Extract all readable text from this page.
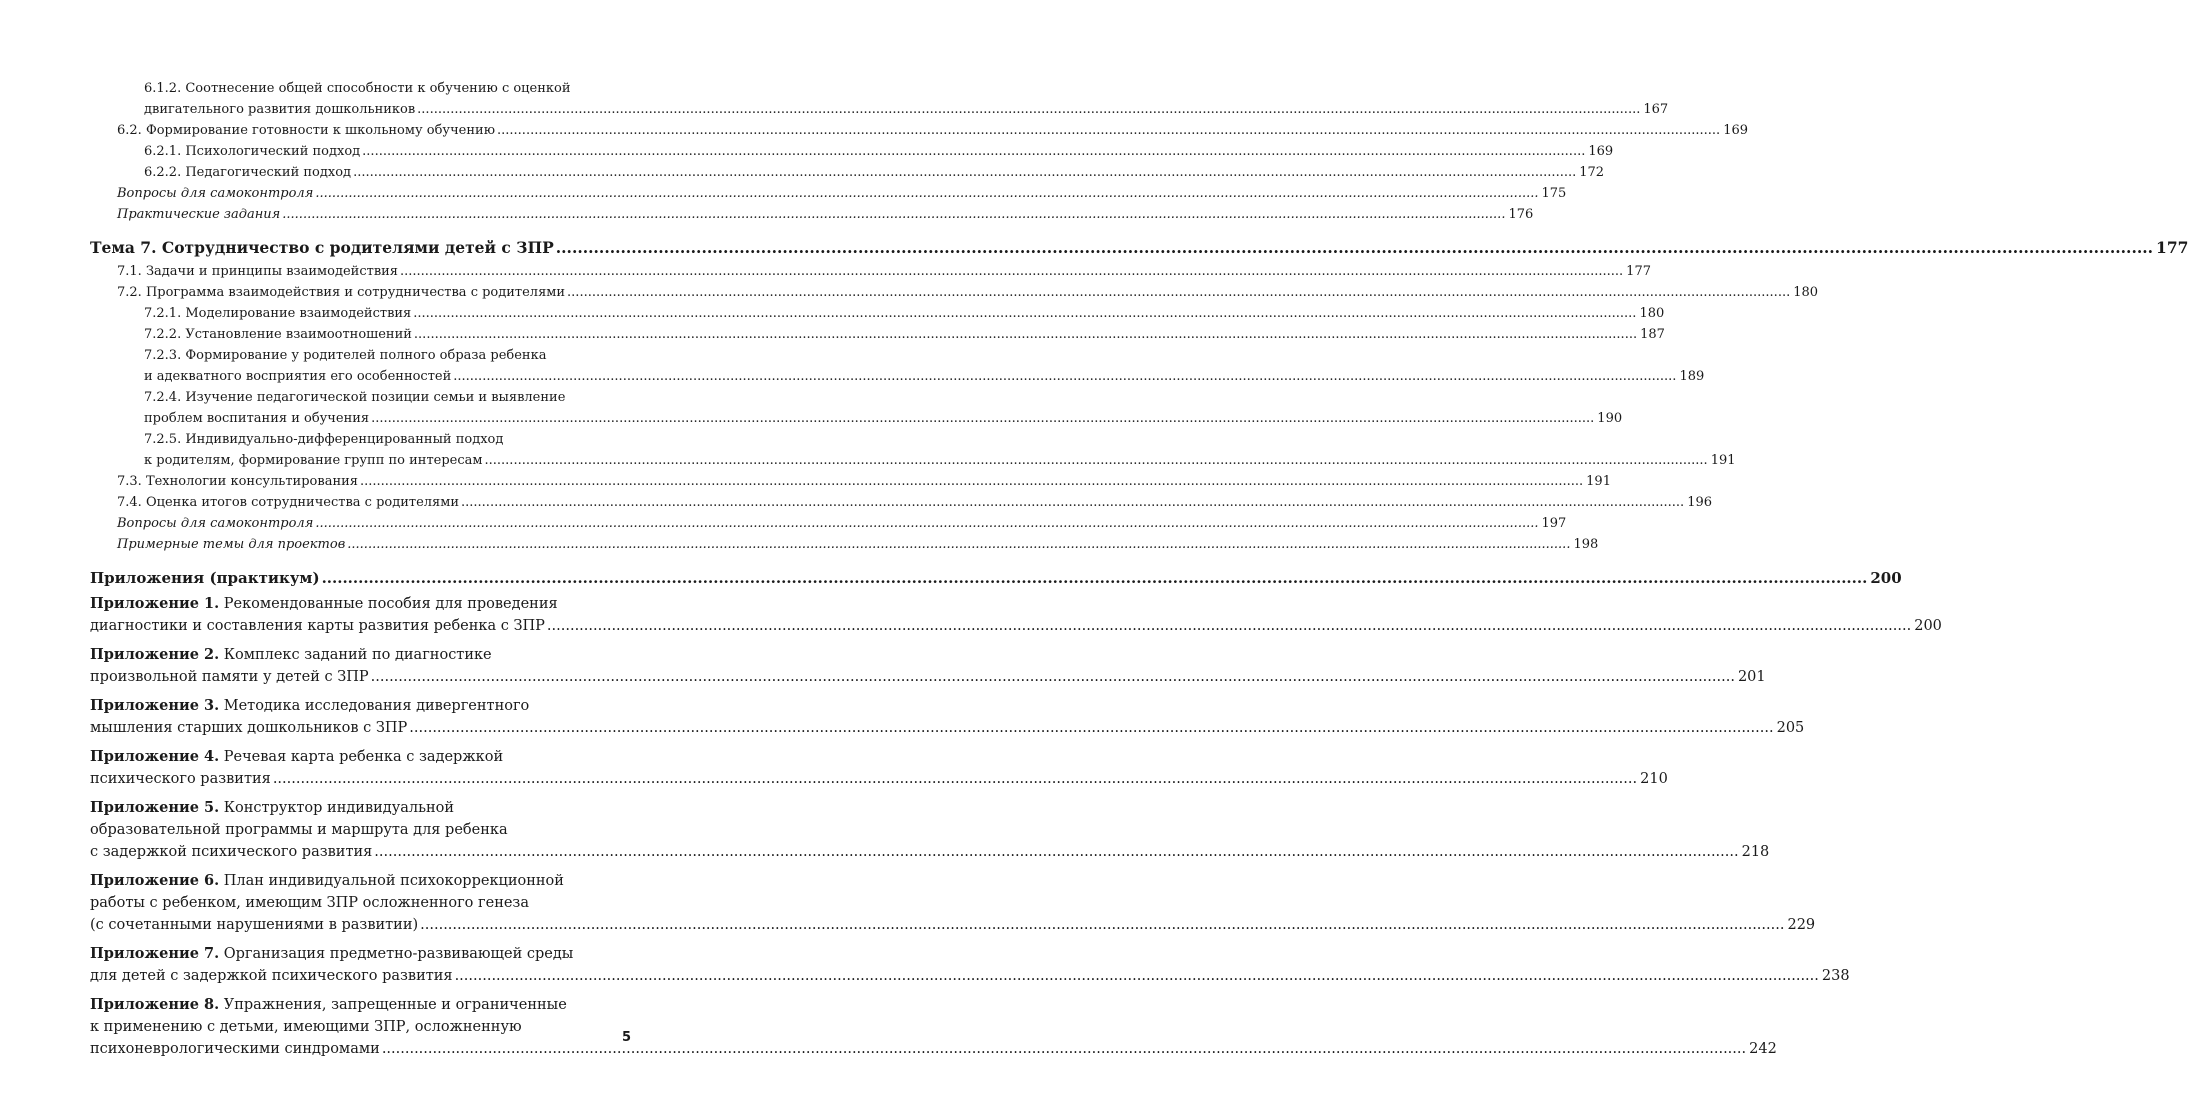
6.1.2. Соотнесение общей способности к обучению с оценкой
двигательного развития дошкольников .....	167
6.2. Формирование готовности к школьному обучению .....	169
6.2.1. Психологический подход .....	169
6.2.2. Педагогический подход .....	172
Вопросы для самоконтроля .....	175
Практические задания .....	176
Тема 7. Сотрудничество с родителями детей с ЗПР .....	177
7.1. Задачи и принципы взаимодействия .....	177
7.2. Программа взаимодействия и сотрудничества с родителями .....	180
7.2.1. Моделирование взаимодействия .....	180
7.2.2. Установление взаимоотношений .....	187
7.2.3. Формирование у родителей полного образа ребенка
и адекватного восприятия его особенностей .....	189
7.2.4. Изучение педагогической позиции семьи и выявление
проблем воспитания и обучения .....	190
7.2.5. Индивидуально-дифференцированный подход
к родителям, формирование групп по интересам .....	191
7.3. Технологии консультирования .....	191
7.4. Оценка итогов сотрудничества с родителями .....	196
Вопросы для самоконтроля .....	197
Примерные темы для проектов .....	198
Приложения (практикум) .....	200
Приложение 1. Рекомендованные пособия для проведения
диагностики и составления карты развития ребенка с ЗПР .....	200
Приложение 2. Комплекс заданий по диагностике
произвольной памяти у детей с ЗПР .....	201
Приложение 3. Методика исследования дивергентного
мышления старших дошкольников с ЗПР .....	205
Приложение 4. Речевая карта ребенка с задержкой
психического развития .....	210
Приложение 5. Конструктор индивидуальной
образовательной программы и маршрута для ребенка
с задержкой психического развития .....	218
Приложение 6. План индивидуальной психокоррекционной
работы с ребенком, имеющим ЗПР осложненного генеза
(с сочетанными нарушениями в развитии) .....	229
Приложение 7. Организация предметно-развивающей среды
для детей с задержкой психического развития .....	238
Приложение 8. Упражнения, запрещенные и ограниченные
к применению с детьми, имеющими ЗПР, осложненную
психоневрологическими синдромами .....	242
5
